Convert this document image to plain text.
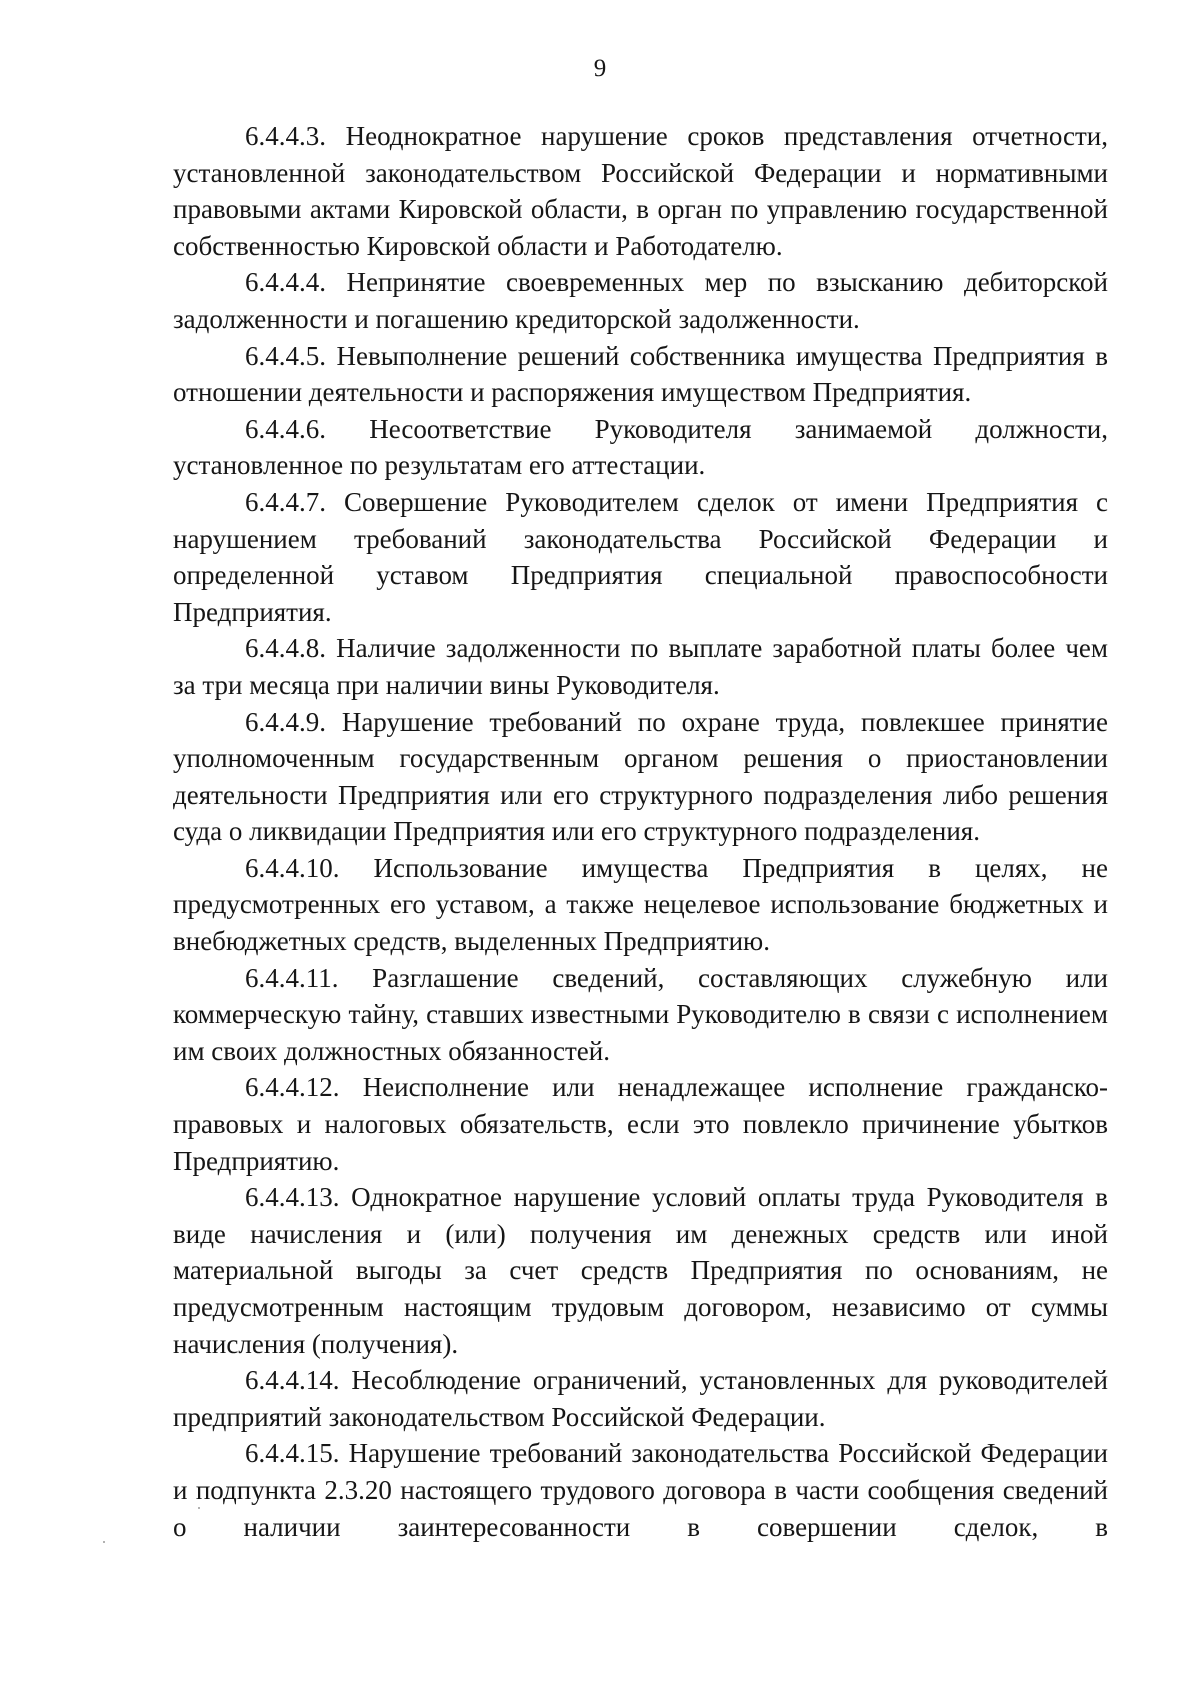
9

6.4.4.3. Неоднократное нарушение сроков представления отчетности, установленной законодательством Российской Федерации и нормативными правовыми актами Кировской области, в орган по управлению государственной собственностью Кировской области и Работодателю.

6.4.4.4. Непринятие своевременных мер по взысканию дебиторской задолженности и погашению кредиторской задолженности.

6.4.4.5. Невыполнение решений собственника имущества Предприятия в отношении деятельности и распоряжения имуществом Предприятия.

6.4.4.6. Несоответствие Руководителя занимаемой должности, установленное по результатам его аттестации.

6.4.4.7. Совершение Руководителем сделок от имени Предприятия с нарушением требований законодательства Российской Федерации и определенной уставом Предприятия специальной правоспособности Предприятия.

6.4.4.8. Наличие задолженности по выплате заработной платы более чем за три месяца при наличии вины Руководителя.

6.4.4.9. Нарушение требований по охране труда, повлекшее принятие уполномоченным государственным органом решения о приостановлении деятельности Предприятия или его структурного подразделения либо решения суда о ликвидации Предприятия или его структурного подразделения.

6.4.4.10. Использование имущества Предприятия в целях, не предусмотренных его уставом, а также нецелевое использование бюджетных и внебюджетных средств, выделенных Предприятию.

6.4.4.11. Разглашение сведений, составляющих служебную или коммерческую тайну, ставших известными Руководителю в связи с исполнением им своих должностных обязанностей.

6.4.4.12. Неисполнение или ненадлежащее исполнение гражданско-правовых и налоговых обязательств, если это повлекло причинение убытков Предприятию.

6.4.4.13. Однократное нарушение условий оплаты труда Руководителя в виде начисления и (или) получения им денежных средств или иной материальной выгоды за счет средств Предприятия по основаниям, не предусмотренным настоящим трудовым договором, независимо от суммы начисления (получения).

6.4.4.14. Несоблюдение ограничений, установленных для руководителей предприятий законодательством Российской Федерации.

6.4.4.15. Нарушение требований законодательства Российской Федерации и подпункта 2.3.20 настоящего трудового договора в части сообщения сведений о наличии заинтересованности в совершении сделок, в
